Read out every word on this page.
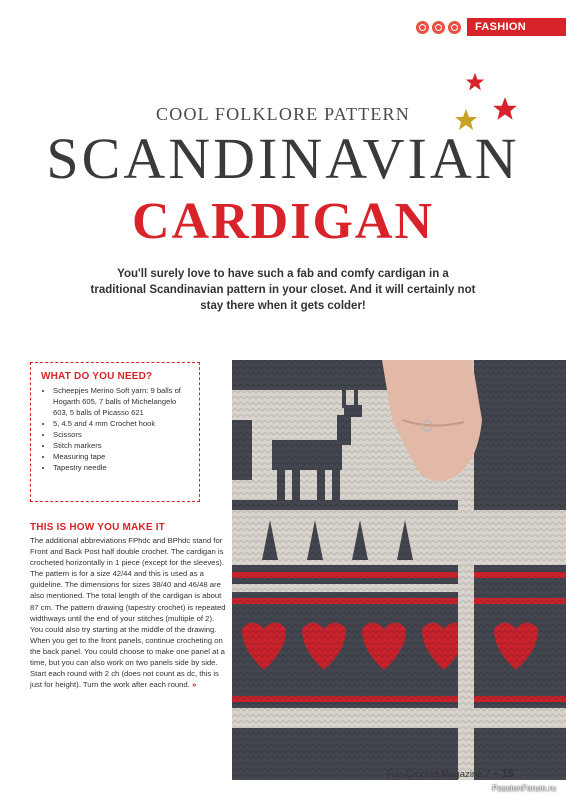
FASHION
COOL FOLKLORE PATTERN
SCANDINAVIAN
CARDIGAN
You'll surely love to have such a fab and comfy cardigan in a traditional Scandinavian pattern in your closet. And it will certainly not stay there when it gets colder!
WHAT DO YOU NEED?
• Scheepjes Merino Soft yarn: 9 balls of Hogarth 605, 7 balls of Michelangelo 603, 5 balls of Picasso 621
• 5, 4.5 and 4 mm Crochet hook
• Scissors
• Stitch markers
• Measuring tape
• Tapestry needle
THIS IS HOW YOU MAKE IT
The additional abbreviations FPhdc and BPhdc stand for Front and Back Post half double crochet. The cardigan is crocheted horizontally in 1 piece (except for the sleeves). The pattern is for a size 42/44 and this is used as a guideline. The dimensions for sizes 38/40 and 46/48 are also mentioned. The total length of the cardigan is about 87 cm. The pattern drawing (tapestry crochet) is repeated widthways until the end of your stitches (multiple of 2). You could also try starting at the middle of the drawing. When you get to the front panels, continue crocheting on the back panel. You could choose to make one panel at a time, but you can also work on two panels side by side. Start each round with 2 ch (does not count as dc, this is just for height). Turn the work after each round. »
Fun Crochet Magazine 7 • 15
PassionForum.ru
